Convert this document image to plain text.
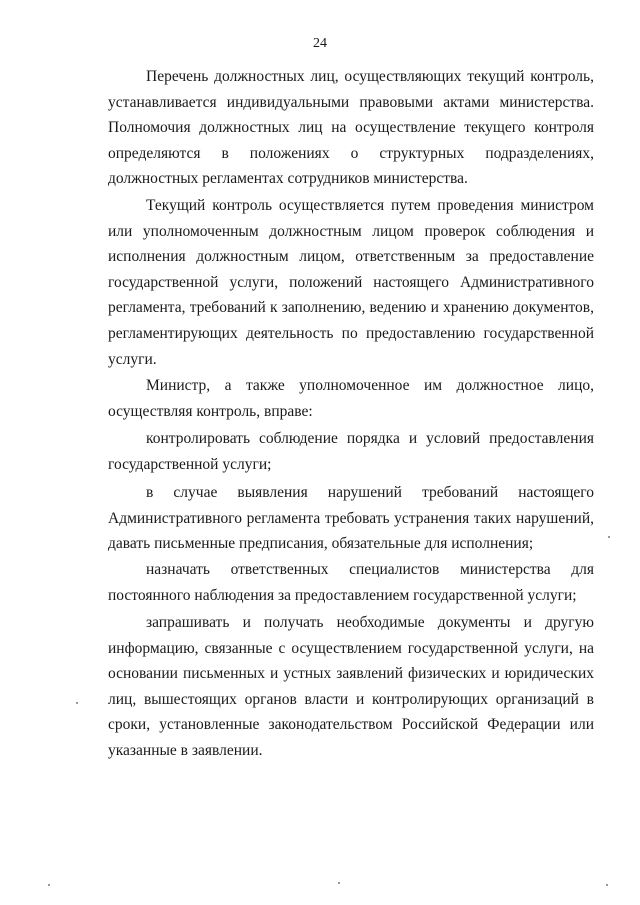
24

Перечень должностных лиц, осуществляющих текущий контроль, устанавливается индивидуальными правовыми актами министерства. Полномочия должностных лиц на осуществление текущего контроля определяются в положениях о структурных подразделениях, должностных регламентах сотрудников министерства.

Текущий контроль осуществляется путем проведения министром или уполномоченным должностным лицом проверок соблюдения и исполнения должностным лицом, ответственным за предоставление государственной услуги, положений настоящего Административного регламента, требований к заполнению, ведению и хранению документов, регламентирующих деятельность по предоставлению государственной услуги.

Министр, а также уполномоченное им должностное лицо, осуществляя контроль, вправе:

контролировать соблюдение порядка и условий предоставления государственной услуги;

в случае выявления нарушений требований настоящего Административного регламента требовать устранения таких нарушений, давать письменные предписания, обязательные для исполнения;

назначать ответственных специалистов министерства для постоянного наблюдения за предоставлением государственной услуги;

запрашивать и получать необходимые документы и другую информацию, связанные с осуществлением государственной услуги, на основании письменных и устных заявлений физических и юридических лиц, вышестоящих органов власти и контролирующих организаций в сроки, установленные законодательством Российской Федерации или указанные в заявлении.
